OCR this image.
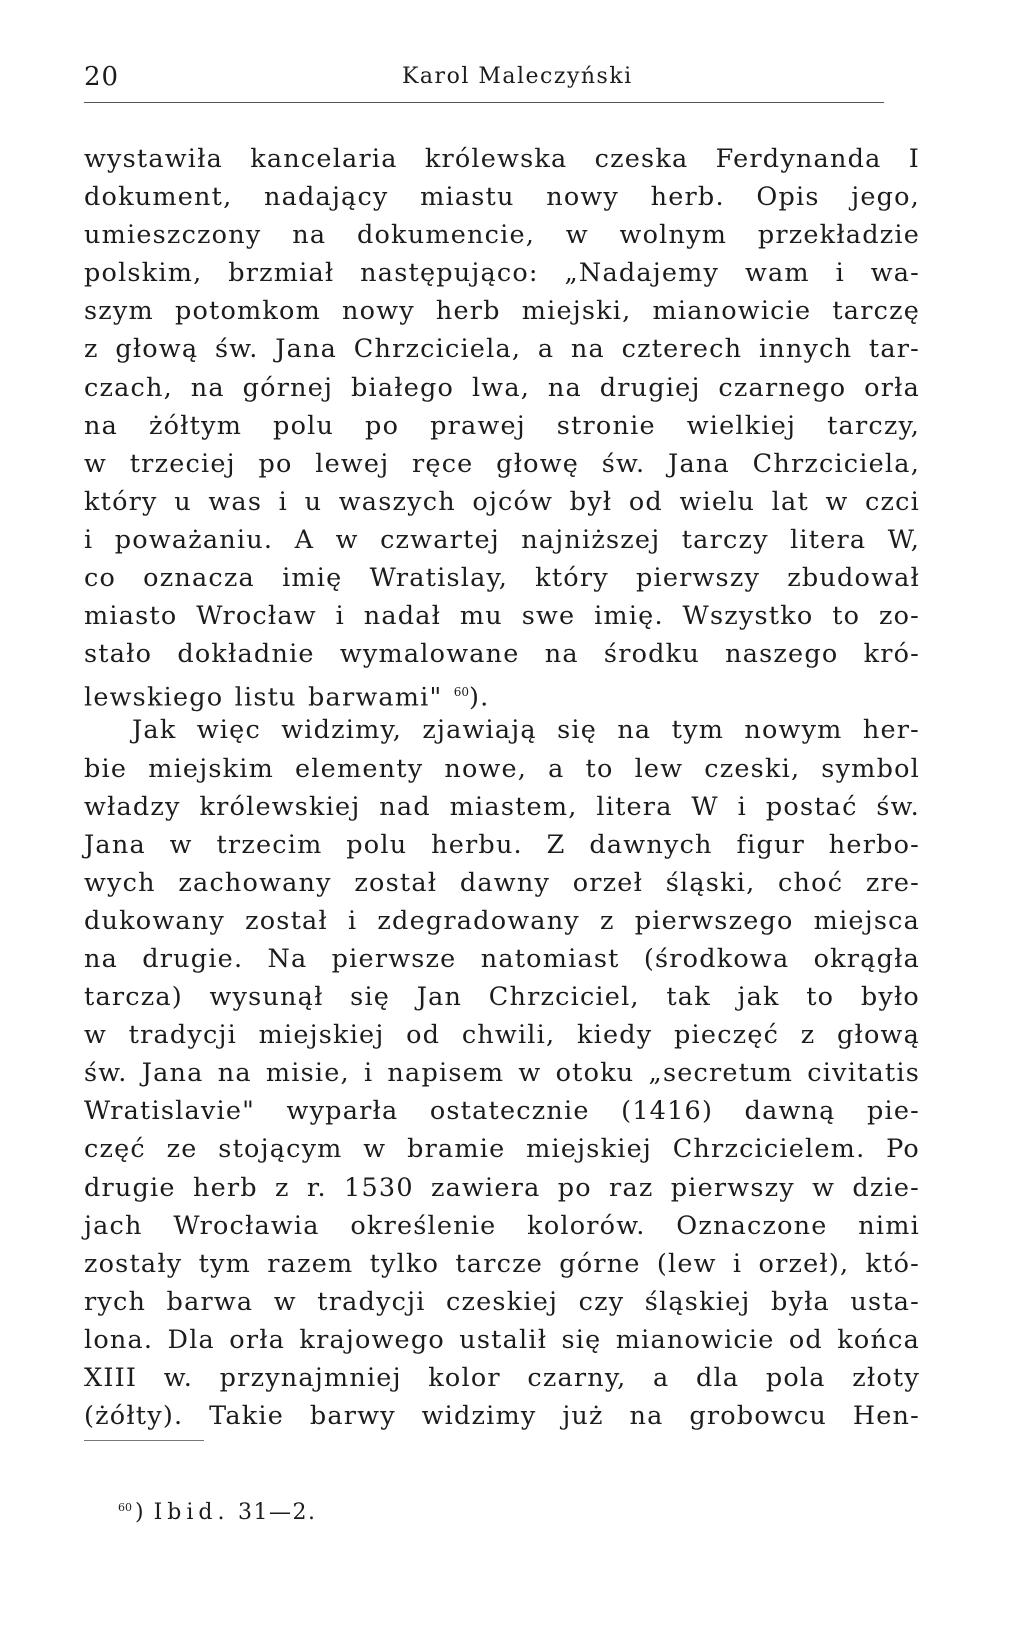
20	Karol Maleczyński
wystawiła kancelaria królewska czeska Ferdynanda I
dokument, nadający miastu nowy herb. Opis jego,
umieszczony na dokumencie, w wolnym przekładzie
polskim, brzmiał następująco: „Nadajemy wam i wa-
szym potomkom nowy herb miejski, mianowicie tarczę
z głową św. Jana Chrzciciela, a na czterech innych tar-
czach, na górnej białego lwa, na drugiej czarnego orła
na żółtym polu po prawej stronie wielkiej tarczy,
w trzeciej po lewej ręce głowę św. Jana Chrzciciela,
który u was i u waszych ojców był od wielu lat w czci
i poważaniu. A w czwartej najniższej tarczy litera W,
co oznacza imię Wratislay, który pierwszy zbudował
miasto Wrocław i nadał mu swe imię. Wszystko to zo-
stało dokładnie wymalowane na środku naszego kró-
lewskiego listu barwami" $^{60}$).
Jak więc widzimy, zjawiają się na tym nowym her-
bie miejskim elementy nowe, a to lew czeski, symbol
władzy królewskiej nad miastem, litera W i postać św.
Jana w trzecim polu herbu. Z dawnych figur herbo-
wych zachowany został dawny orzeł śląski, choć zre-
dukowany został i zdegradowany z pierwszego miejsca
na drugie. Na pierwsze natomiast (środkowa okrągła
tarcza) wysunął się Jan Chrzciciel, tak jak to było
w tradycji miejskiej od chwili, kiedy pieczęć z głową
św. Jana na misie, i napisem w otoku „secretum civitatis
Wratislavie" wyparła ostatecznie (1416) dawną pie-
częć ze stojącym w bramie miejskiej Chrzcicielem. Po
drugie herb z r. 1530 zawiera po raz pierwszy w dzie-
jach Wrocławia określenie kolorów. Oznaczone nimi
zostały tym razem tylko tarcze górne (lew i orzeł), któ-
rych barwa w tradycji czeskiej czy śląskiej była usta-
lona. Dla orła krajowego ustalił się mianowicie od końca
XIII w. przynajmniej kolor czarny, a dla pola złoty
(żółty). Takie barwy widzimy już na grobowcu Hen-
$^{60}$ ) Ibid. 31—2.
